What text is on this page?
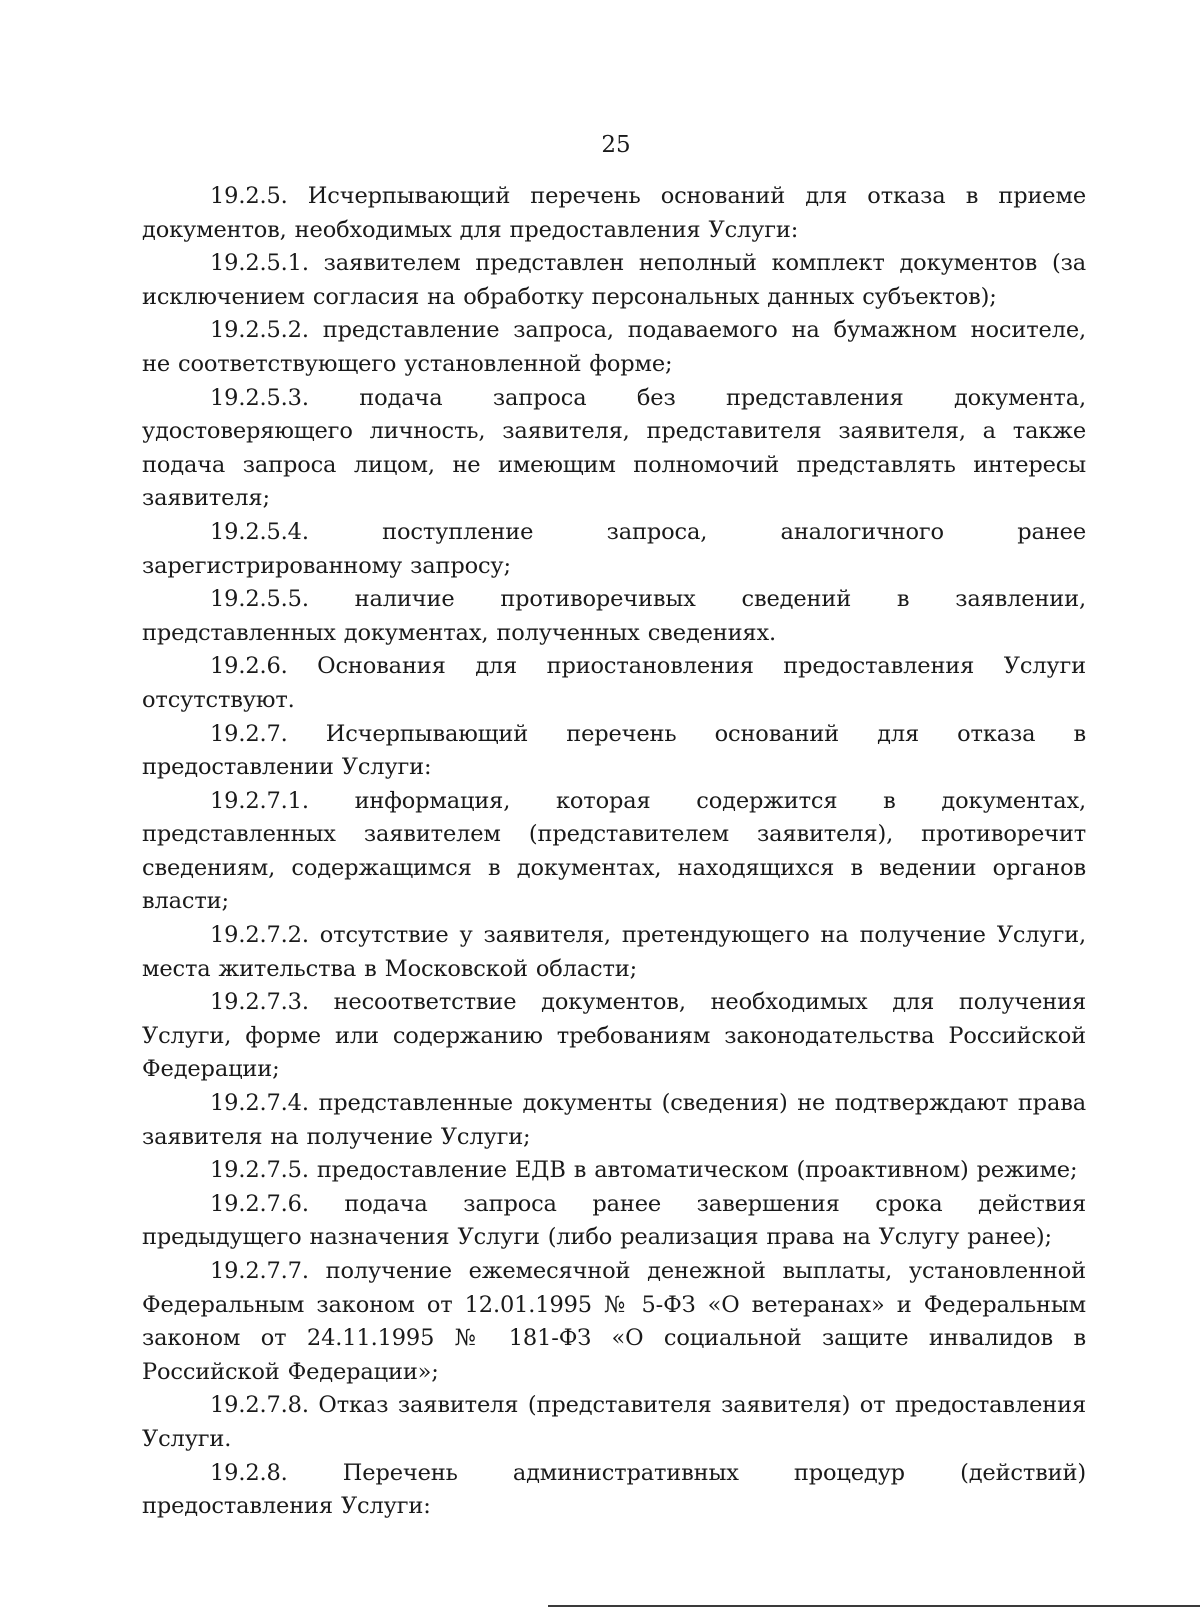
25

19.2.5. Исчерпывающий перечень оснований для отказа в приеме документов, необходимых для предоставления Услуги:

19.2.5.1. заявителем представлен неполный комплект документов (за исключением согласия на обработку персональных данных субъектов);

19.2.5.2. представление запроса, подаваемого на бумажном носителе, не соответствующего установленной форме;

19.2.5.3. подача запроса без представления документа, удостоверяющего личность, заявителя, представителя заявителя, а также подача запроса лицом, не имеющим полномочий представлять интересы заявителя;

19.2.5.4. поступление запроса, аналогичного ранее зарегистрированному запросу;

19.2.5.5. наличие противоречивых сведений в заявлении, представленных документах, полученных сведениях.

19.2.6. Основания для приостановления предоставления Услуги отсутствуют.

19.2.7. Исчерпывающий перечень оснований для отказа в предоставлении Услуги:

19.2.7.1. информация, которая содержится в документах, представленных заявителем (представителем заявителя), противоречит сведениям, содержащимся в документах, находящихся в ведении органов власти;

19.2.7.2. отсутствие у заявителя, претендующего на получение Услуги, места жительства в Московской области;

19.2.7.3. несоответствие документов, необходимых для получения Услуги, форме или содержанию требованиям законодательства Российской Федерации;

19.2.7.4. представленные документы (сведения) не подтверждают права заявителя на получение Услуги;

19.2.7.5. предоставление ЕДВ в автоматическом (проактивном) режиме;

19.2.7.6. подача запроса ранее завершения срока действия предыдущего назначения Услуги (либо реализация права на Услугу ранее);

19.2.7.7. получение ежемесячной денежной выплаты, установленной Федеральным законом от 12.01.1995 № 5-ФЗ «О ветеранах» и Федеральным законом от 24.11.1995 № 181-ФЗ «О социальной защите инвалидов в Российской Федерации»;

19.2.7.8. Отказ заявителя (представителя заявителя) от предоставления Услуги.

19.2.8. Перечень административных процедур (действий) предоставления Услуги:
